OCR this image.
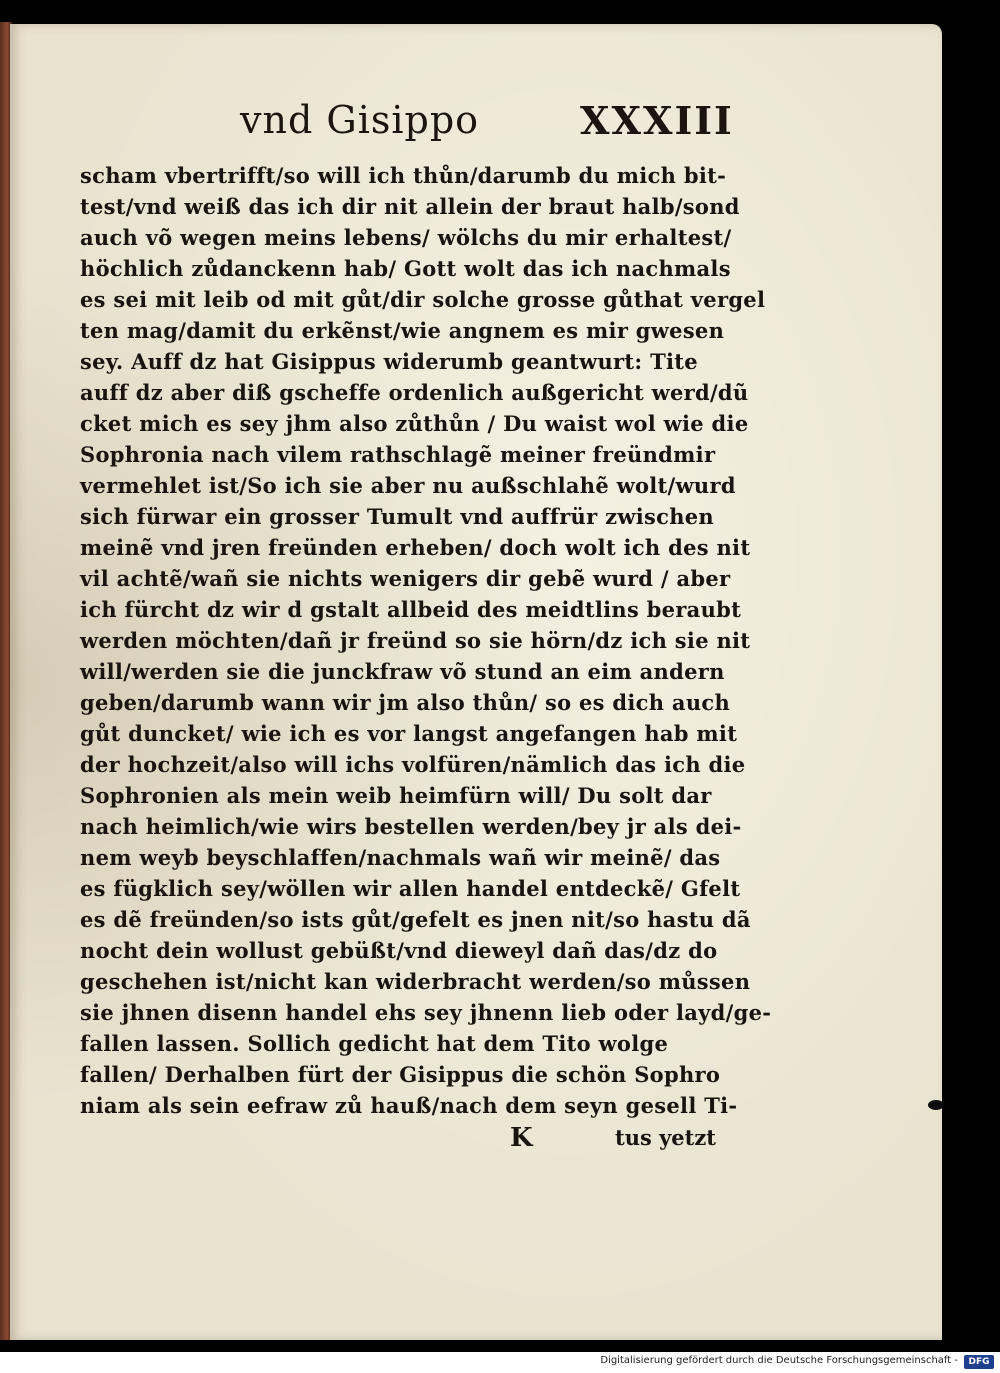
vnd Gisippo	XXXIII
scham vbertrifft/so will ich thůn/darumb du mich bit-
test/vnd weiß das ich dir nit allein der braut halb/sond
auch võ wegen meins lebens/ wölchs du mir erhaltest/
höchlich zůdanckenn hab/ Gott wolt das ich nachmals
es sei mit leib od mit gůt/dir solche grosse gůthat vergel
ten mag/damit du erkẽnst/wie angnem es mir gwesen
sey. Auff dz hat Gisippus widerumb geantwurt: Tite
auff dz aber diß gscheffe ordenlich außgericht werd/dũ
cket mich es sey jhm also zůthůn / Du waist wol wie die
Sophronia nach vilem rathschlagẽ meiner freündmir
vermehlet ist/So ich sie aber nu außschlahẽ wolt/wurd
sich fürwar ein grosser Tumult vnd auffrür zwischen
meinẽ vnd jren freünden erheben/ doch wolt ich des nit
vil achtẽ/wañ sie nichts wenigers dir gebẽ wurd / aber
ich fürcht dz wir d gstalt allbeid des meidtlins beraubt
werden möchten/dañ jr freünd so sie hörn/dz ich sie nit
will/werden sie die junckfraw võ stund an eim andern
geben/darumb wann wir jm also thůn/ so es dich auch
gůt duncket/ wie ich es vor langst angefangen hab mit
der hochzeit/also will ichs volfüren/nämlich das ich die
Sophronien als mein weib heimfürn will/ Du solt dar
nach heimlich/wie wirs bestellen werden/bey jr als dei-
nem weyb beyschlaffen/nachmals wañ wir meinẽ/ das
es fügklich sey/wöllen wir allen handel entdeckẽ/ Gfelt
es dẽ freünden/so ists gůt/gefelt es jnen nit/so hastu dã
nocht dein wollust gebüßt/vnd dieweyl dañ das/dz do
geschehen ist/nicht kan widerbracht werden/so můssen
sie jhnen disenn handel ehs sey jhnenn lieb oder layd/ge-
fallen lassen. Sollich gedicht hat dem Tito wolge
fallen/ Derhalben fürt der Gisippus die schön Sophro
niam als sein eefraw zů hauß/nach dem seyn gesell Ti-
K	tus yetzt
Digitalisierung gefördert durch die Deutsche Forschungsgemeinschaft -	DFG
